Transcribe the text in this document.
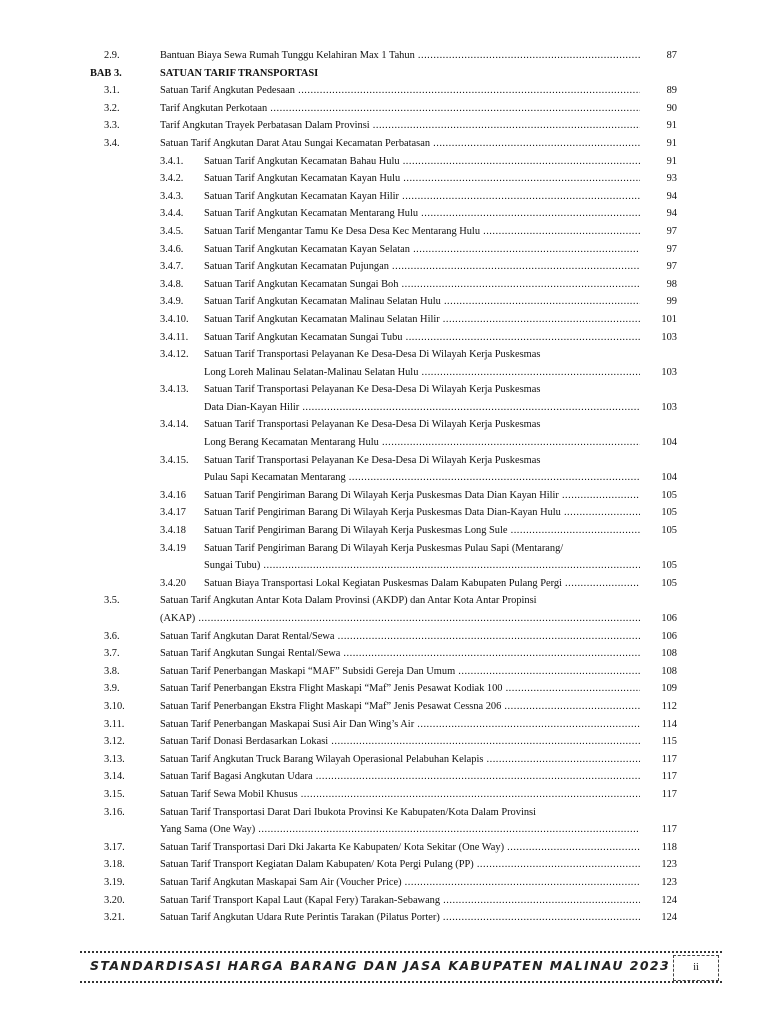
2.9.	Bantuan Biaya Sewa Rumah Tunggu Kelahiran Max 1 Tahun .....	87
BAB 3.	SATUAN TARIF TRANSPORTASI
3.1.	Satuan Tarif Angkutan Pedesaan .....	89
3.2.	Tarif Angkutan Perkotaan .....	90
3.3.	Tarif Angkutan Trayek Perbatasan Dalam Provinsi .....	91
3.4.	Satuan Tarif Angkutan Darat Atau Sungai Kecamatan Perbatasan .....	91
3.4.1. Satuan Tarif Angkutan Kecamatan Bahau Hulu .....	91
3.4.2. Satuan Tarif Angkutan Kecamatan Kayan Hulu .....	93
3.4.3. Satuan Tarif Angkutan Kecamatan Kayan Hilir .....	94
3.4.4. Satuan Tarif Angkutan Kecamatan Mentarang Hulu .....	94
3.4.5. Satuan Tarif Mengantar Tamu Ke Desa Desa Kec Mentarang Hulu .....	97
3.4.6. Satuan Tarif Angkutan Kecamatan Kayan Selatan .....	97
3.4.7. Satuan Tarif Angkutan Kecamatan Pujungan .....	97
3.4.8. Satuan Tarif Angkutan Kecamatan Sungai Boh .....	98
3.4.9. Satuan Tarif Angkutan Kecamatan Malinau Selatan Hulu .....	99
3.4.10. Satuan Tarif Angkutan Kecamatan Malinau Selatan Hilir .....	101
3.4.11. Satuan Tarif Angkutan Kecamatan Sungai Tubu .....	103
3.4.12. Satuan Tarif Transportasi Pelayanan Ke Desa-Desa Di Wilayah Kerja Puskesmas
Long Loreh Malinau Selatan-Malinau Selatan Hulu .....	103
3.4.13. Satuan Tarif Transportasi Pelayanan Ke Desa-Desa Di Wilayah Kerja Puskesmas
Data Dian-Kayan Hilir .....	103
3.4.14. Satuan Tarif Transportasi Pelayanan Ke Desa-Desa Di Wilayah Kerja Puskesmas
Long Berang Kecamatan Mentarang Hulu .....	104
3.4.15. Satuan Tarif Transportasi Pelayanan Ke Desa-Desa Di Wilayah Kerja Puskesmas
Pulau Sapi Kecamatan Mentarang .....	104
3.4.16 Satuan Tarif Pengiriman Barang Di Wilayah Kerja Puskesmas Data Dian Kayan Hilir .....	105
3.4.17 Satuan Tarif Pengiriman Barang Di Wilayah Kerja Puskesmas Data Dian-Kayan Hulu .....	105
3.4.18 Satuan Tarif Pengiriman Barang Di Wilayah Kerja Puskesmas Long Sule .....	105
3.4.19 Satuan Tarif Pengiriman Barang Di Wilayah Kerja Puskesmas Pulau Sapi (Mentarang/
Sungai Tubu) .....	105
3.4.20 Satuan Biaya Transportasi Lokal Kegiatan Puskesmas Dalam Kabupaten Pulang Pergi .....	105
3.5.	Satuan Tarif Angkutan Antar Kota Dalam Provinsi (AKDP) dan Antar Kota Antar Propinsi
(AKAP) .....	106
3.6.	Satuan Tarif Angkutan Darat Rental/Sewa .....	106
3.7.	Satuan Tarif Angkutan Sungai Rental/Sewa .....	108
3.8.	Satuan Tarif Penerbangan Maskapi “MAF” Subsidi Gereja Dan Umum .....	108
3.9.	Satuan Tarif Penerbangan Ekstra Flight Maskapi “Maf” Jenis Pesawat Kodiak 100 .....	109
3.10.	Satuan Tarif Penerbangan Ekstra Flight Maskapi “Maf” Jenis Pesawat Cessna 206 .....	112
3.11.	Satuan Tarif Penerbangan Maskapai Susi Air Dan Wing’s Air .....	114
3.12.	Satuan Tarif Donasi Berdasarkan Lokasi .....	115
3.13.	Satuan Tarif Angkutan Truck Barang Wilayah Operasional Pelabuhan Kelapis .....	117
3.14.	Satuan Tarif Bagasi Angkutan Udara .....	117
3.15.	Satuan Tarif Sewa Mobil Khusus .....	117
3.16.	Satuan Tarif Transportasi Darat Dari Ibukota Provinsi Ke Kabupaten/Kota Dalam Provinsi
Yang Sama (One Way) .....	117
3.17.	Satuan Tarif Transportasi Dari Dki Jakarta Ke Kabupaten/ Kota Sekitar (One Way) .....	118
3.18.	Satuan Tarif Transport Kegiatan Dalam Kabupaten/ Kota Pergi Pulang (PP) .....	123
3.19.	Satuan Tarif Angkutan Maskapai Sam Air (Voucher Price) .....	123
3.20.	Satuan Tarif Transport Kapal Laut (Kapal Fery) Tarakan-Sebawang .....	124
3.21.	Satuan Tarif Angkutan Udara Rute Perintis Tarakan (Pilatus Porter) .....	124
STANDARDISASI HARGA BARANG DAN JASA KABUPATEN MALINAU 2023	ii
